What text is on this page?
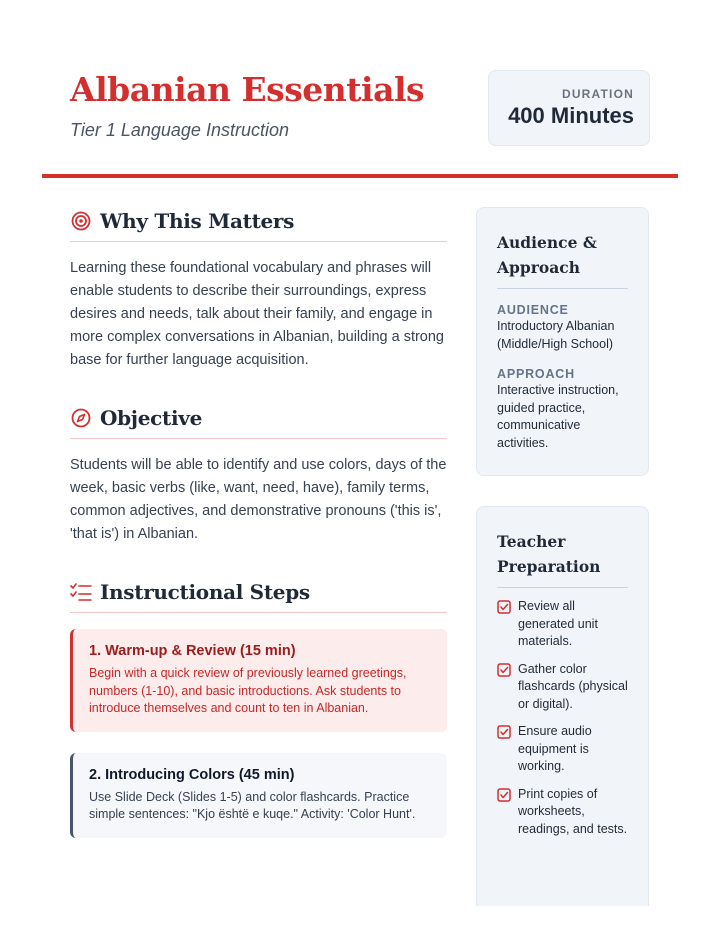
Albanian Essentials
Tier 1 Language Instruction
DURATION
400 Minutes
Why This Matters

Learning these foundational vocabulary and phrases will enable students to describe their surroundings, express desires and needs, talk about their family, and engage in more complex conversations in Albanian, building a strong base for further language acquisition.

Objective

Students will be able to identify and use colors, days of the week, basic verbs (like, want, need, have), family terms, common adjectives, and demonstrative pronouns ('this is', 'that is') in Albanian.

Instructional Steps
1. Warm-up & Review (15 min)
Begin with a quick review of previously learned greetings, numbers (1-10), and basic introductions. Ask students to introduce themselves and count to ten in Albanian.
2. Introducing Colors (45 min)
Use Slide Deck (Slides 1-5) and color flashcards. Practice simple sentences: "Kjo është e kuqe." Activity: 'Color Hunt'.
Audience & Approach
AUDIENCE
Introductory Albanian (Middle/High School)
APPROACH
Interactive instruction, guided practice, communicative activities.
Teacher Preparation
Review all generated unit materials.
Gather color flashcards (physical or digital).
Ensure audio equipment is working.
Print copies of worksheets, readings, and tests.
